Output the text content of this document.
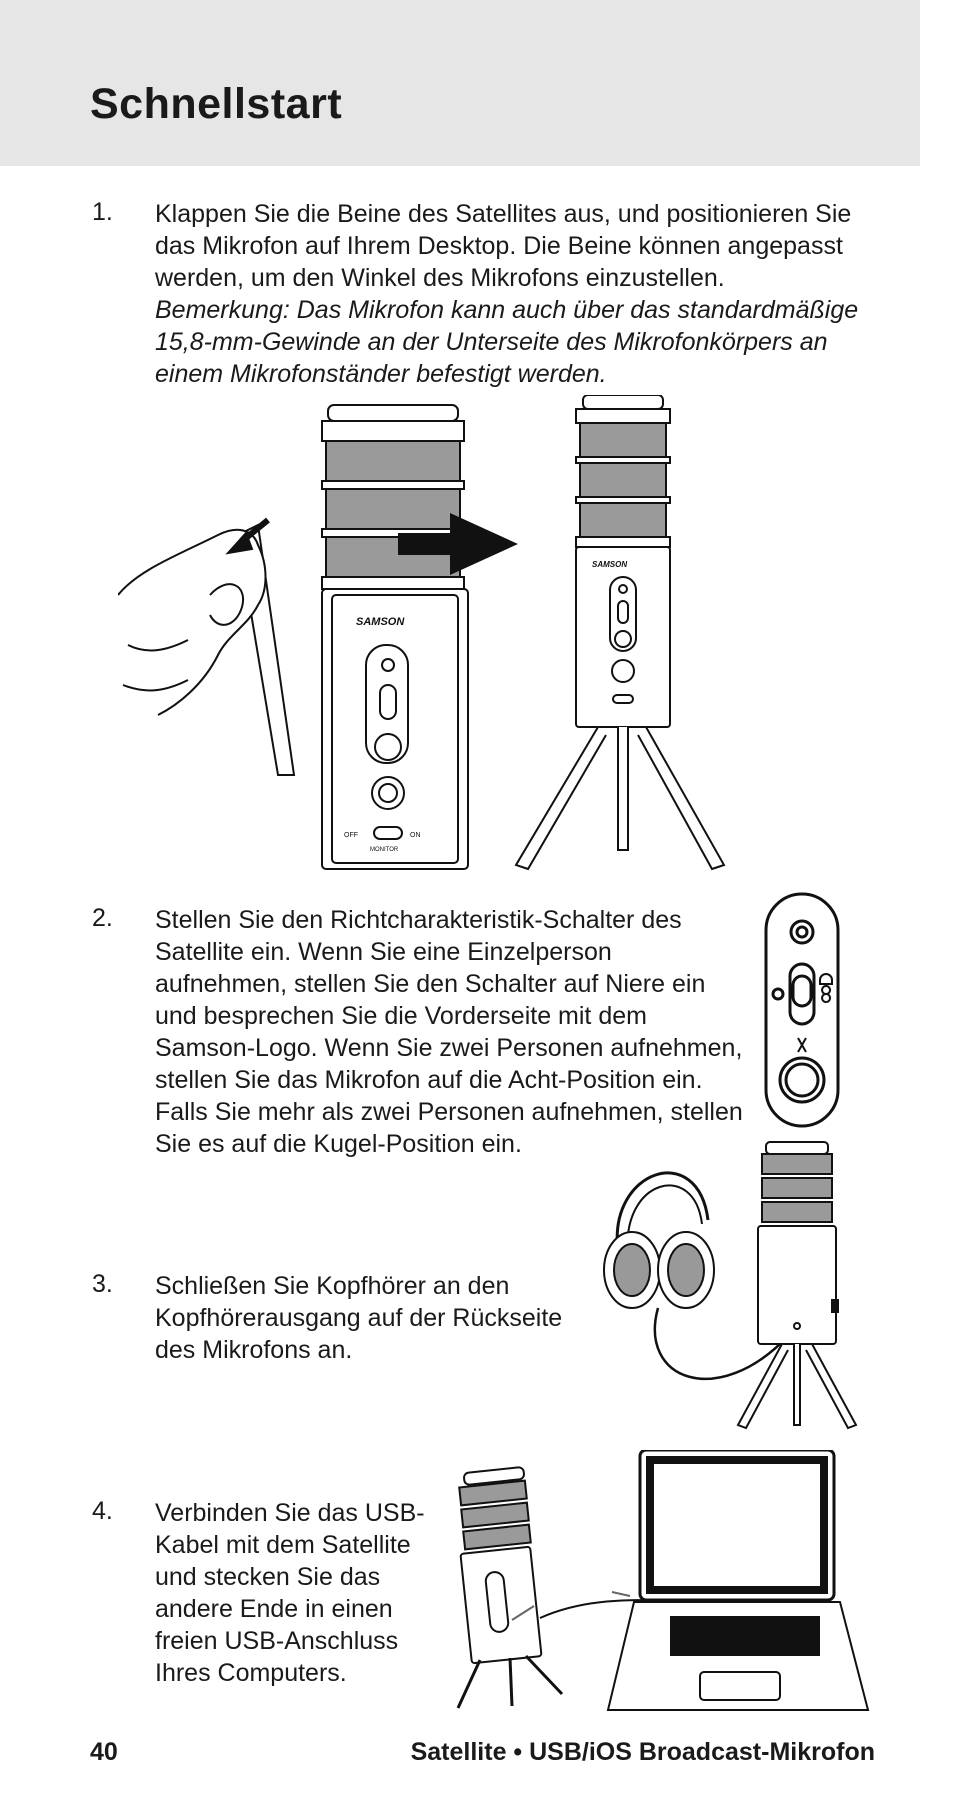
Schnellstart
1. Klappen Sie die Beine des Satellites aus, und positionieren Sie das Mikrofon auf Ihrem Desktop. Die Beine können angepasst werden, um den Winkel des Mikrofons einzustellen.

Bemerkung: Das Mikrofon kann auch über das standardmäßige 15,8-mm-Gewinde an der Unterseite des Mikrofonkörpers an einem Mikrofonständer befestigt werden.

SAMSON
OFF	ON
MONITOR
SAMSON
2. Stellen Sie den Richtcharakteristik-Schalter des Satellite ein. Wenn Sie eine Einzelperson aufnehmen, stellen Sie den Schalter auf Niere ein und besprechen Sie die Vorderseite mit dem Samson-Logo. Wenn Sie zwei Personen aufnehmen, stellen Sie das Mikrofon auf die Acht-Position ein. Falls Sie mehr als zwei Personen aufnehmen, stellen Sie es auf die Kugel-Position ein.

3. Schließen Sie Kopfhörer an den Kopfhörerausgang auf der Rückseite des Mikrofons an.

4. Verbinden Sie das USB-Kabel mit dem Satellite und stecken Sie das andere Ende in einen freien USB-Anschluss Ihres Computers.

40	Satellite • USB/iOS Broadcast-Mikrofon
